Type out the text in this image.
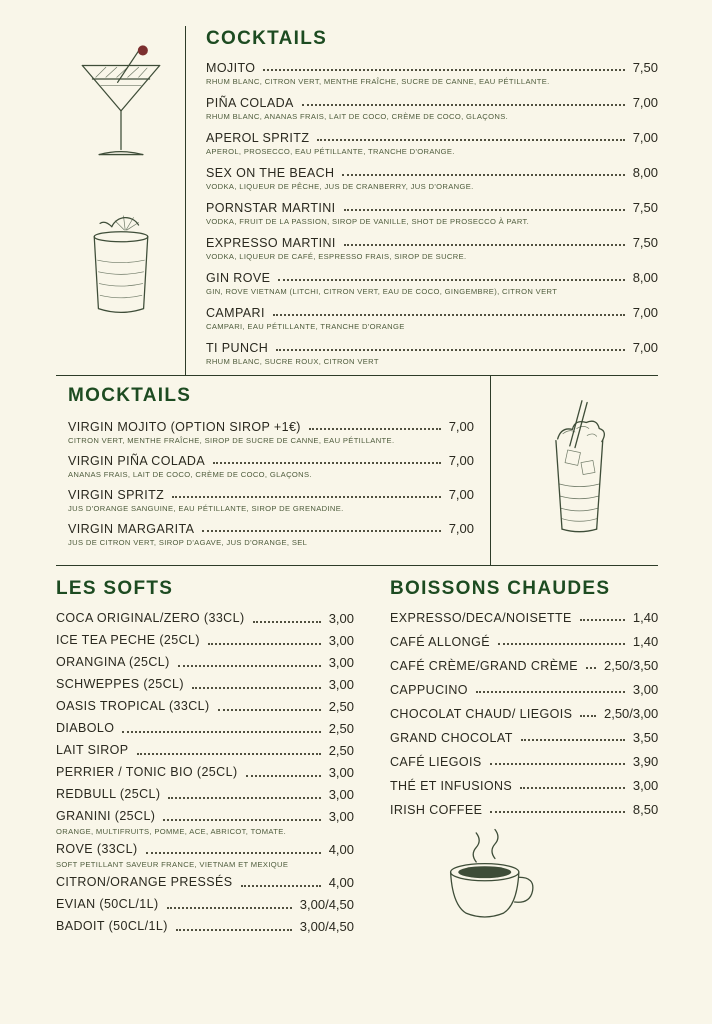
COCKTAILS
MOJITO	7,50
RHUM BLANC, CITRON VERT, MENTHE FRAÎCHE, SUCRE DE CANNE, EAU PÉTILLANTE.
PIÑA COLADA	7,00
RHUM BLANC, ANANAS FRAIS, LAIT DE COCO, CRÈME DE COCO, GLAÇONS.
APEROL SPRITZ	7,00
APEROL, PROSECCO, EAU PÉTILLANTE, TRANCHE D'ORANGE.
SEX ON THE BEACH	8,00
VODKA, LIQUEUR DE PÊCHE, JUS DE CRANBERRY, JUS D'ORANGE.
PORNSTAR MARTINI	7,50
VODKA, FRUIT DE LA PASSION, SIROP DE VANILLE, SHOT DE PROSECCO À PART.
EXPRESSO MARTINI	7,50
VODKA, LIQUEUR DE CAFÉ, ESPRESSO FRAIS, SIROP DE SUCRE.
GIN ROVE	8,00
GIN, ROVE VIETNAM (LITCHI, CITRON VERT, EAU DE COCO, GINGEMBRE), CITRON VERT
CAMPARI	7,00
CAMPARI, EAU PÉTILLANTE, TRANCHE D'ORANGE
TI PUNCH	7,00
RHUM BLANC, SUCRE ROUX, CITRON VERT
MOCKTAILS
VIRGIN MOJITO (OPTION SIROP +1€)	7,00
CITRON VERT, MENTHE FRAÎCHE, SIROP DE SUCRE DE CANNE, EAU PÉTILLANTE.
VIRGIN PIÑA COLADA	7,00
ANANAS FRAIS, LAIT DE COCO, CRÈME DE COCO, GLAÇONS.
VIRGIN SPRITZ	7,00
JUS D'ORANGE SANGUINE, EAU PÉTILLANTE, SIROP DE GRENADINE.
VIRGIN MARGARITA	7,00
JUS DE CITRON VERT, SIROP D'AGAVE, JUS D'ORANGE, SEL
LES SOFTS
COCA ORIGINAL/ZERO (33CL)	3,00
ICE TEA PECHE (25CL)	3,00
ORANGINA (25CL)	3,00
SCHWEPPES (25CL)	3,00
OASIS TROPICAL (33CL)	2,50
DIABOLO	2,50
LAIT SIROP	2,50
PERRIER / TONIC BIO (25CL)	3,00
REDBULL (25CL)	3,00
GRANINI (25CL)	3,00
ORANGE, MULTIFRUITS, POMME, ACE, ABRICOT, TOMATE.
ROVE (33CL)	4,00
SOFT PETILLANT SAVEUR FRANCE, VIETNAM ET MEXIQUE
CITRON/ORANGE PRESSÉS	4,00
EVIAN (50CL/1L)	3,00/4,50
BADOIT (50CL/1L)	3,00/4,50
BOISSONS CHAUDES
EXPRESSO/DECA/NOISETTE	1,40
CAFÉ ALLONGÉ	1,40
CAFÉ CRÈME/GRAND CRÈME 2,50/3,50
CAPPUCINO	3,00
CHOCOLAT CHAUD/ LIEGOIS 2,50/3,00
GRAND CHOCOLAT	3,50
CAFÉ LIEGOIS	3,90
THÉ ET INFUSIONS	3,00
IRISH COFFEE	8,50
